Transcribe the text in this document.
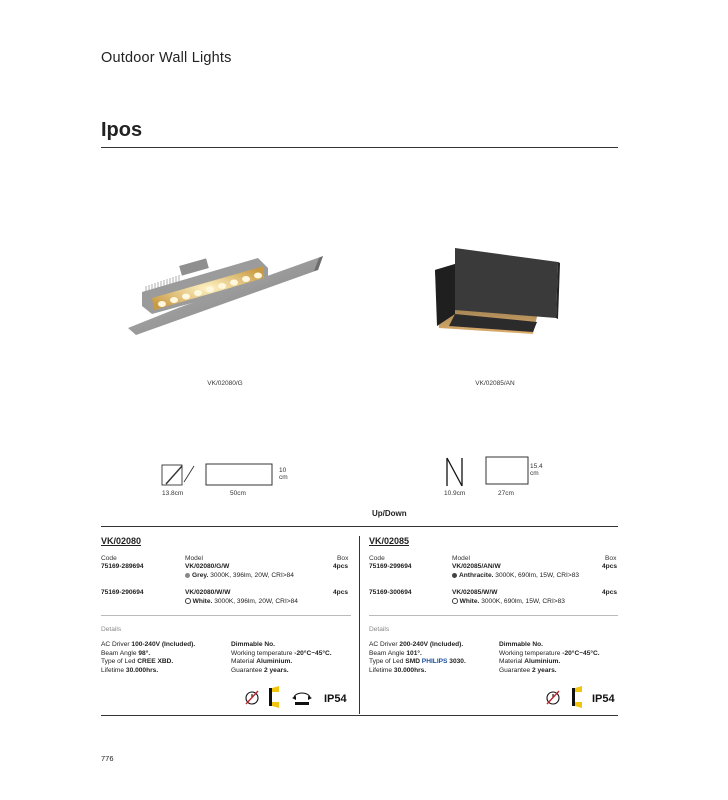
Outdoor Wall Lights
Ipos
VK/02080/G	VK/02085/AN
13.8cm	50cm
10
cm
10.9cm	27cm
15.4
cm
Up/Down
VK/02080
Code	Model	Box
75169-289694	VK/02080/G/W
Grey. 3000K, 396lm, 20W, CRI>84
4pcs
75169-290694	VK/02080/W/W
White. 3000K, 396lm, 20W, CRI>84
4pcs
Details
AC Driver 100-240V (Included).
Beam Angle 98°.
Type of Led CREE XBD.
Lifetime 30.000hrs.
Dimmable No.
Working temperature -20°C~45°C.
Material Aluminium.
Guarantee 2 years.
IP54
VK/02085
Code	Model	Box
75169-299694	VK/02085/AN/W
Anthracite. 3000K, 690lm, 15W, CRI>83
4pcs
75169-300694	VK/02085/W/W
White. 3000K, 690lm, 15W, CRI>83
4pcs
Details
AC Driver 200-240V (Included).
Beam Angle 101°.
Type of Led SMD PHILIPS 3030.
Lifetime 30.000hrs.
Dimmable No.
Working temperature -20°C~45°C.
Material Aluminium.
Guarantee 2 years.
IP54
776
